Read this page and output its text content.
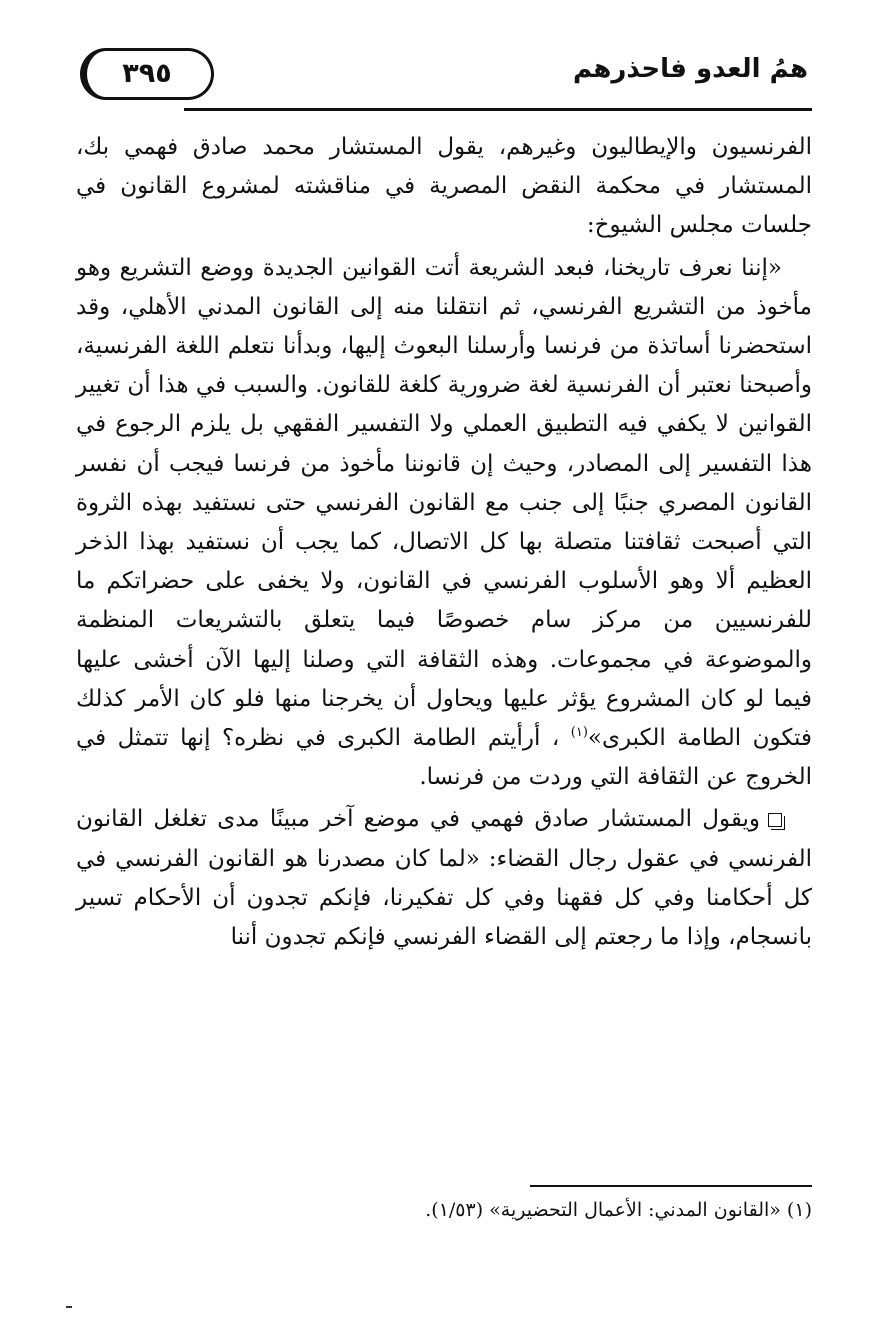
٣٩٥	همُ العدو فاحذرهم

الفرنسيون والإيطاليون وغيرهم، يقول المستشار محمد صادق فهمي بك، المستشار في محكمة النقض المصرية في مناقشته لمشروع القانون في جلسات مجلس الشيوخ:

«إننا نعرف تاريخنا، فبعد الشريعة أتت القوانين الجديدة ووضع التشريع وهو مأخوذ من التشريع الفرنسي، ثم انتقلنا منه إلى القانون المدني الأهلي، وقد استحضرنا أساتذة من فرنسا وأرسلنا البعوث إليها، وبدأنا نتعلم اللغة الفرنسية، وأصبحنا نعتبر أن الفرنسية لغة ضرورية كلغة للقانون. والسبب في هذا أن تغيير القوانين لا يكفي فيه التطبيق العملي ولا التفسير الفقهي بل يلزم الرجوع في هذا التفسير إلى المصادر، وحيث إن قانوننا مأخوذ من فرنسا فيجب أن نفسر القانون المصري جنبًا إلى جنب مع القانون الفرنسي حتى نستفيد بهذه الثروة التي أصبحت ثقافتنا متصلة بها كل الاتصال، كما يجب أن نستفيد بهذا الذخر العظيم ألا وهو الأسلوب الفرنسي في القانون، ولا يخفى على حضراتكم ما للفرنسيين من مركز سام خصوصًا فيما يتعلق بالتشريعات المنظمة والموضوعة في مجموعات. وهذه الثقافة التي وصلنا إليها الآن أخشى عليها فيما لو كان المشروع يؤثر عليها ويحاول أن يخرجنا منها فلو كان الأمر كذلك فتكون الطامة الكبرى»$^{(١)}$ ، أرأيتم الطامة الكبرى في نظره؟ إنها تتمثل في الخروج عن الثقافة التي وردت من فرنسا.

ويقول المستشار صادق فهمي في موضع آخر مبينًا مدى تغلغل القانون الفرنسي في عقول رجال القضاء: «لما كان مصدرنا هو القانون الفرنسي في كل أحكامنا وفي كل فقهنا وفي كل تفكيرنا، فإنكم تجدون أن الأحكام تسير بانسجام، وإذا ما رجعتم إلى القضاء الفرنسي فإنكم تجدون أننا

(١) «القانون المدني: الأعمال التحضيرية» (١/٥٣).
